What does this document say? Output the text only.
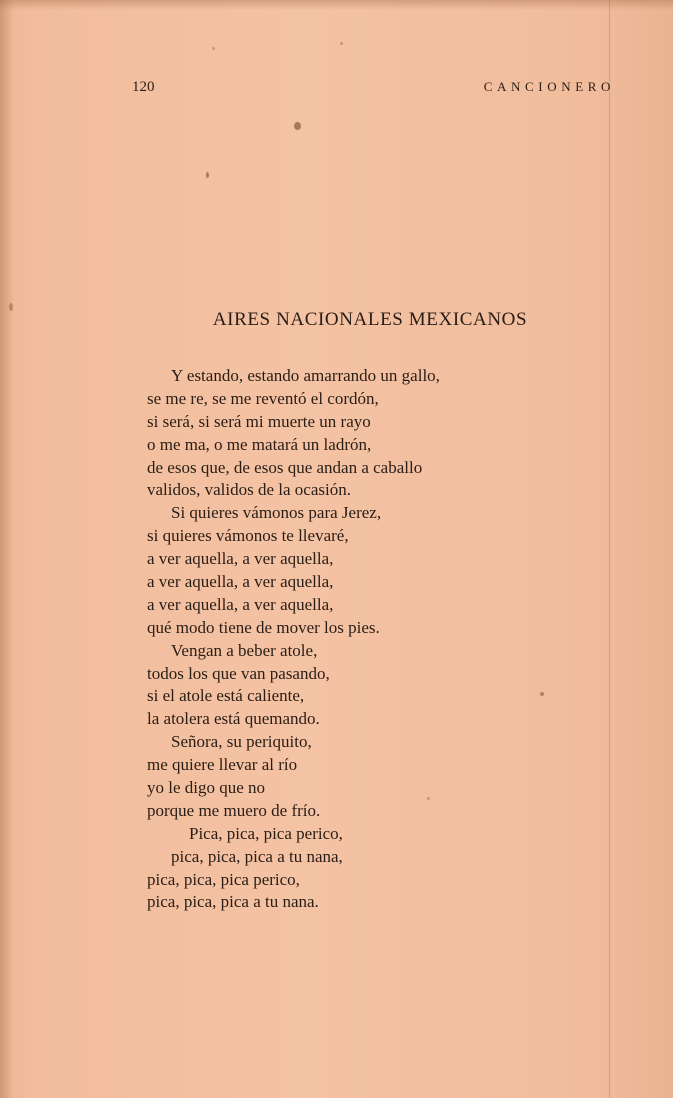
120	CANCIONERO
AIRES NACIONALES MEXICANOS
Y estando, estando amarrando un gallo,
se me re, se me reventó el cordón,
si será, si será mi muerte un rayo
o me ma, o me matará un ladrón,
de esos que, de esos que andan a caballo
validos, validos de la ocasión.
Si quieres vámonos para Jerez,
si quieres vámonos te llevaré,
a ver aquella, a ver aquella,
a ver aquella, a ver aquella,
a ver aquella, a ver aquella,
qué modo tiene de mover los pies.
Vengan a beber atole,
todos los que van pasando,
si el atole está caliente,
la atolera está quemando.
Señora, su periquito,
me quiere llevar al río
yo le digo que no
porque me muero de frío.
Pica, pica, pica perico,
pica, pica, pica a tu nana,
pica, pica, pica perico,
pica, pica, pica a tu nana.
